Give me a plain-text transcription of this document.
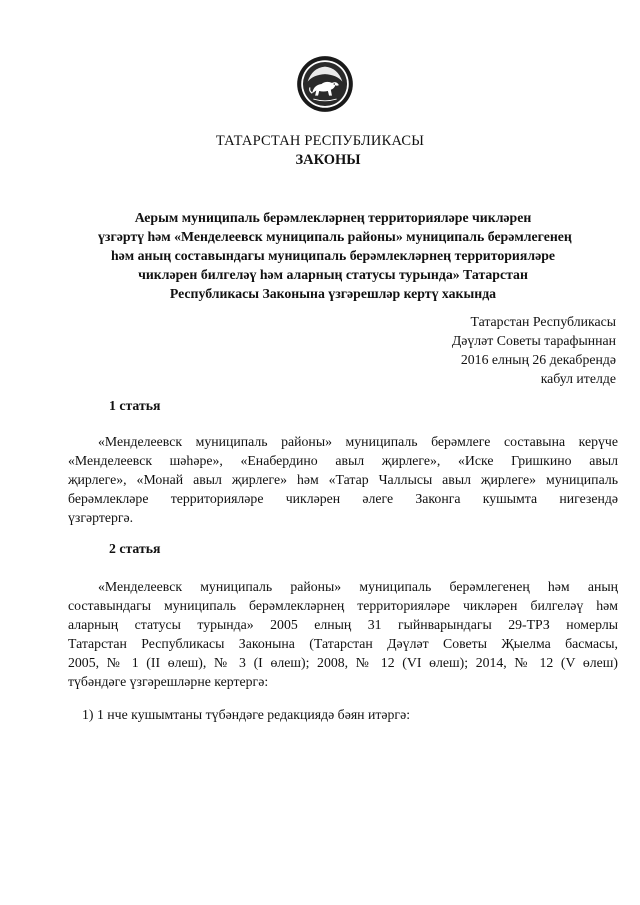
ТАТАРСТАН РЕСПУБЛИКАСЫ
ЗАКОНЫ
Аерым муниципаль берәмлекләрнең территорияләре чикләрен
үзгәртү һәм «Менделеевск муниципаль районы» муниципаль берәмлегенең
һәм аның составындагы муниципаль берәмлекләрнең территорияләре
чикләрен билгеләү һәм аларның статусы турында» Татарстан
Республикасы Законына үзгәрешләр кертү хакында
Татарстан Республикасы
Дәүләт Советы тарафыннан
2016 елның 26 декабрендә
кабул ителде
1 статья
«Менделеевск муниципаль районы» муниципаль берәмлеге составына керүче
«Менделеевск шәһәре», «Енабердино авыл җирлеге», «Иске Гришкино авыл
җирлеге», «Монай авыл җирлеге» һәм «Татар Чаллысы авыл җирлеге» муниципаль
берәмлекләре территорияләре чикләрен әлеге Законга кушымта нигезендә
үзгәртергә.
2 статья
«Менделеевск муниципаль районы» муниципаль берәмлегенең һәм аның
составындагы муниципаль берәмлекләрнең территорияләре чикләрен билгеләү һәм
аларның статусы турында» 2005 елның 31 гыйнварындагы 29-ТРЗ номерлы
Татарстан Республикасы Законына (Татарстан Дәүләт Советы Җыелма басмасы,
2005, № 1 (II өлеш), № 3 (I өлеш); 2008, № 12 (VI өлеш); 2014, № 12 (V өлеш)
түбәндәге үзгәрешләрне кертергә:
1) 1 нче кушымтаны түбәндәге редакциядә бәян итәргә:
